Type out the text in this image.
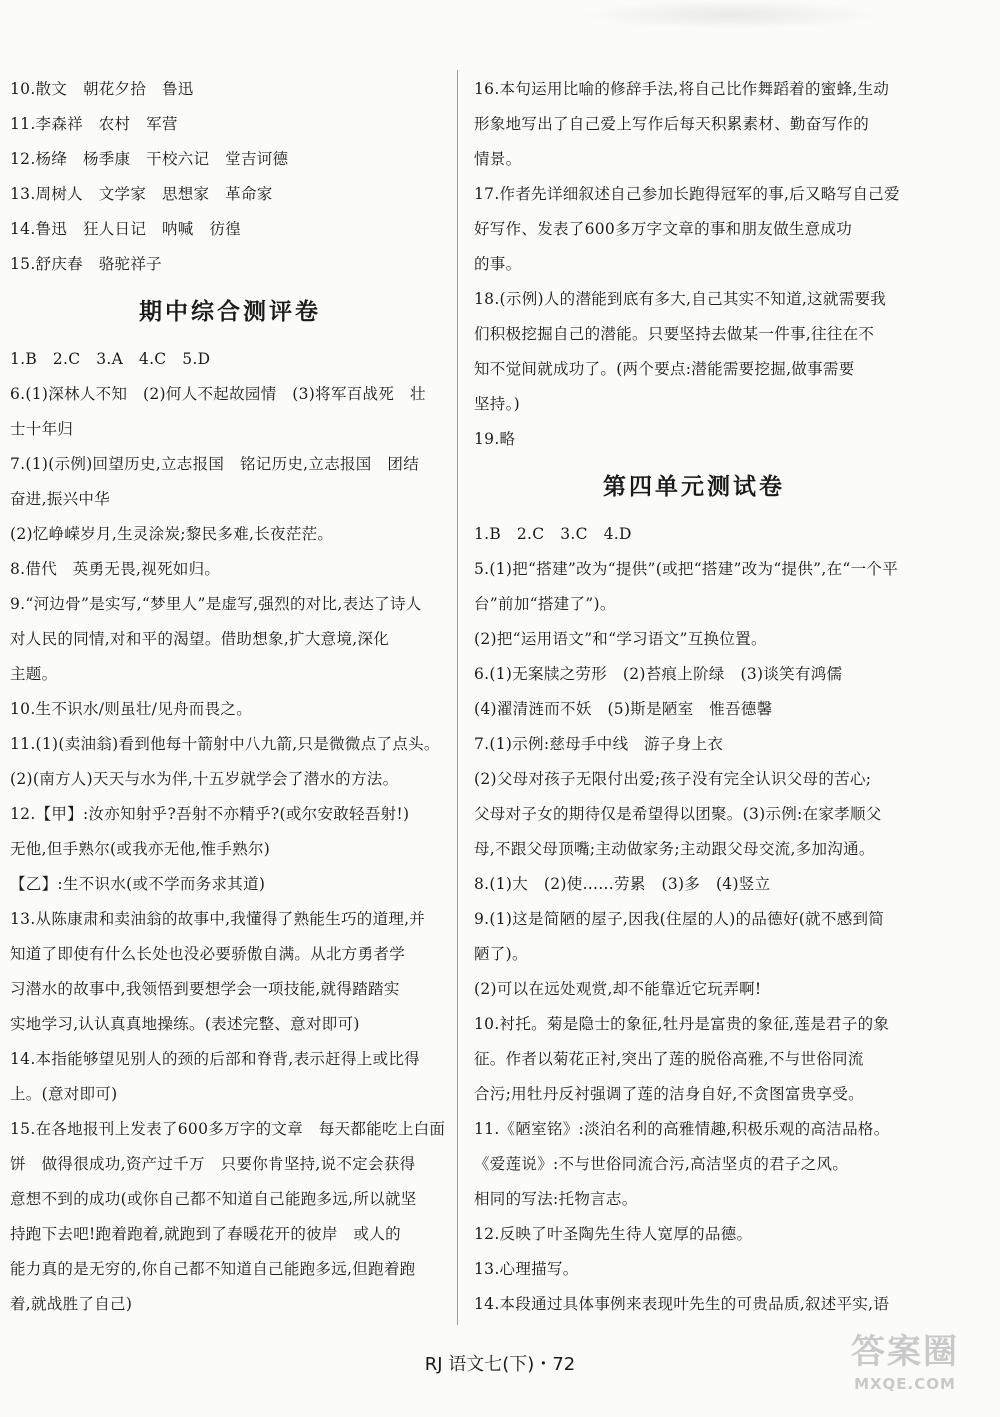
10.散文　朝花夕拾　鲁迅
11.李森祥　农村　军营
12.杨绛　杨季康　干校六记　堂吉诃德
13.周树人　文学家　思想家　革命家
14.鲁迅　狂人日记　呐喊　彷徨
15.舒庆春　骆驼祥子
期中综合测评卷
1.B　2.C　3.A　4.C　5.D
6.(1)深林人不知　(2)何人不起故园情　(3)将军百战死　壮
士十年归
7.(1)(示例)回望历史,立志报国　铭记历史,立志报国　团结
奋进,振兴中华
(2)忆峥嵘岁月,生灵涂炭;黎民多难,长夜茫茫。
8.借代　英勇无畏,视死如归。
9.“河边骨”是实写,“梦里人”是虚写,强烈的对比,表达了诗人
对人民的同情,对和平的渴望。借助想象,扩大意境,深化
主题。
10.生不识水/则虽壮/见舟而畏之。
11.(1)(卖油翁)看到他每十箭射中八九箭,只是微微点了点头。
(2)(南方人)天天与水为伴,十五岁就学会了潜水的方法。
12.【甲】:汝亦知射乎?吾射不亦精乎?(或尔安敢轻吾射!)
无他,但手熟尔(或我亦无他,惟手熟尔)
【乙】:生不识水(或不学而务求其道)
13.从陈康肃和卖油翁的故事中,我懂得了熟能生巧的道理,并
知道了即使有什么长处也没必要骄傲自满。从北方勇者学
习潜水的故事中,我领悟到要想学会一项技能,就得踏踏实
实地学习,认认真真地操练。(表述完整、意对即可)
14.本指能够望见别人的颈的后部和脊背,表示赶得上或比得
上。(意对即可)
15.在各地报刊上发表了600多万字的文章　每天都能吃上白面
饼　做得很成功,资产过千万　只要你肯坚持,说不定会获得
意想不到的成功(或你自己都不知道自己能跑多远,所以就坚
持跑下去吧!跑着跑着,就跑到了春暖花开的彼岸　或人的
能力真的是无穷的,你自己都不知道自己能跑多远,但跑着跑
着,就战胜了自己)
16.本句运用比喻的修辞手法,将自己比作舞蹈着的蜜蜂,生动
形象地写出了自己爱上写作后每天积累素材、勤奋写作的
情景。
17.作者先详细叙述自己参加长跑得冠军的事,后又略写自己爱
好写作、发表了600多万字文章的事和朋友做生意成功
的事。
18.(示例)人的潜能到底有多大,自己其实不知道,这就需要我
们积极挖掘自己的潜能。只要坚持去做某一件事,往往在不
知不觉间就成功了。(两个要点:潜能需要挖掘,做事需要
坚持。)
19.略
第四单元测试卷
1.B　2.C　3.C　4.D
5.(1)把“搭建”改为“提供”(或把“搭建”改为“提供”,在“一个平
台”前加“搭建了”)。
(2)把“运用语文”和“学习语文”互换位置。
6.(1)无案牍之劳形　(2)苔痕上阶绿　(3)谈笑有鸿儒
(4)濯清涟而不妖　(5)斯是陋室　惟吾德馨
7.(1)示例:慈母手中线　游子身上衣
(2)父母对孩子无限付出爱;孩子没有完全认识父母的苦心;
父母对子女的期待仅是希望得以团聚。(3)示例:在家孝顺父
母,不跟父母顶嘴;主动做家务;主动跟父母交流,多加沟通。
8.(1)大　(2)使……劳累　(3)多　(4)竖立
9.(1)这是简陋的屋子,因我(住屋的人)的品德好(就不感到简
陋了)。
(2)可以在远处观赏,却不能靠近它玩弄啊!
10.衬托。菊是隐士的象征,牡丹是富贵的象征,莲是君子的象
征。作者以菊花正衬,突出了莲的脱俗高雅,不与世俗同流
合污;用牡丹反衬强调了莲的洁身自好,不贪图富贵享受。
11.《陋室铭》:淡泊名利的高雅情趣,积极乐观的高洁品格。
《爱莲说》:不与世俗同流合污,高洁坚贞的君子之风。
相同的写法:托物言志。
12.反映了叶圣陶先生待人宽厚的品德。
13.心理描写。
14.本段通过具体事例来表现叶先生的可贵品质,叙述平实,语
RJ 语文七(下)・72	答案圈
MXQE.COM
